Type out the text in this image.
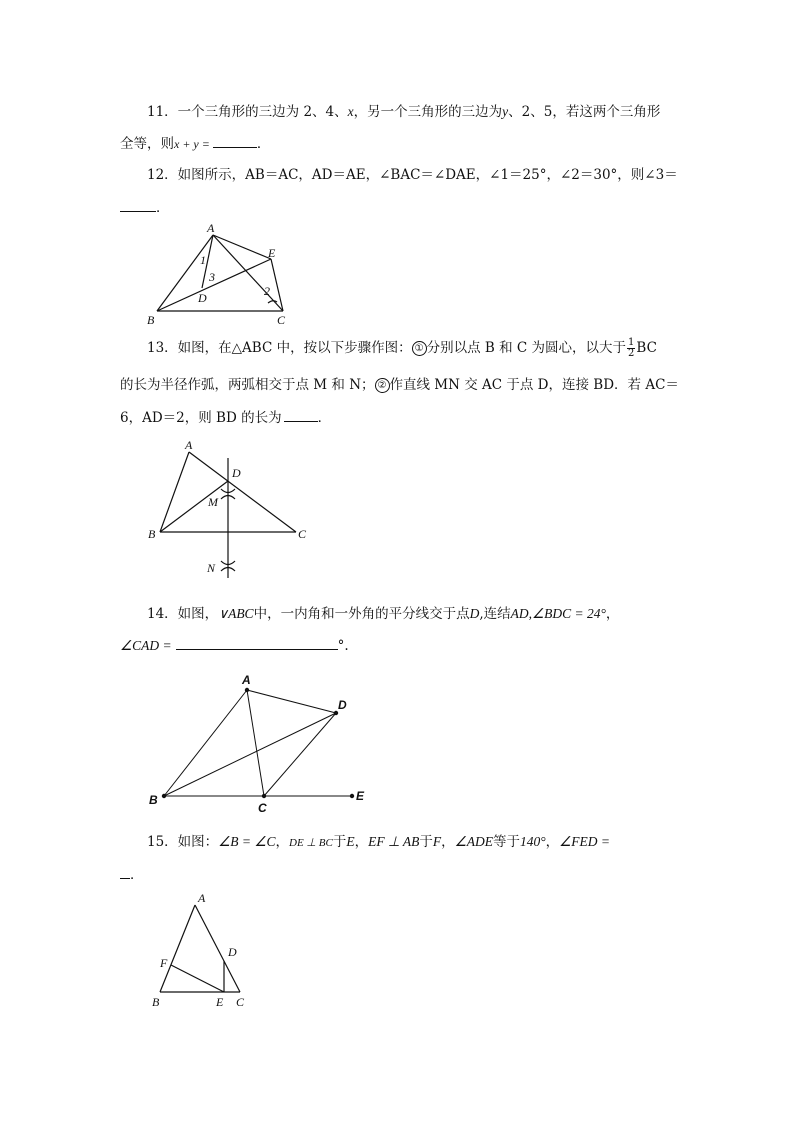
11．一个三角形的三边为 2、4、x，另一个三角形的三边为y、2、5，若这两个三角形
全等，则x + y =	．
12．如图所示，AB＝AC，AD＝AE，∠BAC＝∠DAE，∠1＝25°，∠2＝30°，则∠3＝
．
A
E
1
3
D	2
B	C
13．如图，在△ABC 中，按以下步骤作图： ① 分别以点 B 和 C 为圆心，以大于 $\frac{1}{2}$ BC
的长为半径作弧，两弧相交于点 M 和 N； ② 作直线 MN 交 AC 于点 D，连接 BD．若 AC＝
6，AD＝2，则 BD 的长为	．
A
D
M
B	C
N
14．如图，∨ABC中，一内角和一外角的平分线交于点D,连结AD,∠BDC = 24°，
∠CAD =	°.
A
D
B
C
E
15．如图：∠B = ∠C，DE ⊥ BC于E，EF ⊥ AB于F，∠ADE等于140°，∠FED =
．
A
D
F
B	E C
